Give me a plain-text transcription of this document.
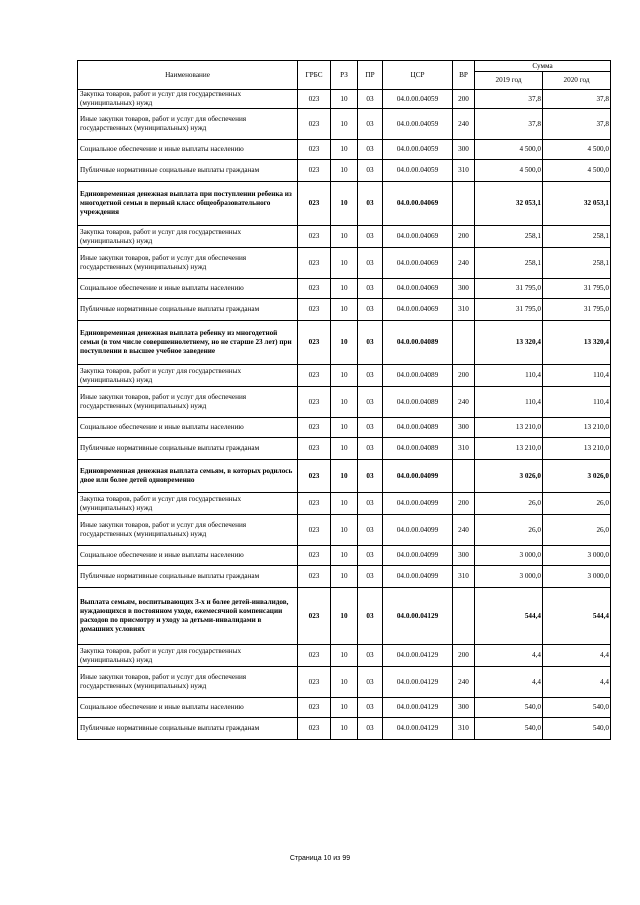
Наименование	ГРБС	РЗ	ПР	ЦСР	ВР	Сумма	
						2019 год	2020 год
Закупка товаров, работ и услуг для государственных (муниципальных) нужд	023	10	03	04.0.00.04059	200	37,8	37,8
Иные закупки товаров, работ и услуг для обеспечения государственных (муниципальных) нужд	023	10	03	04.0.00.04059	240	37,8	37,8
Социальное обеспечение и иные выплаты населению	023	10	03	04.0.00.04059	300	4 500,0	4 500,0
Публичные нормативные социальные выплаты гражданам	023	10	03	04.0.00.04059	310	4 500,0	4 500,0
Единовременная денежная выплата при поступлении ребенка из многодетной семьи в первый класс общеобразовательного учреждения	023	10	03	04.0.00.04069		32 053,1	32 053,1
Закупка товаров, работ и услуг для государственных (муниципальных) нужд	023	10	03	04.0.00.04069	200	258,1	258,1
Иные закупки товаров, работ и услуг для обеспечения государственных (муниципальных) нужд	023	10	03	04.0.00.04069	240	258,1	258,1
Социальное обеспечение и иные выплаты населению	023	10	03	04.0.00.04069	300	31 795,0	31 795,0
Публичные нормативные социальные выплаты гражданам	023	10	03	04.0.00.04069	310	31 795,0	31 795,0
Единовременная денежная выплата ребенку из многодетной семьи (в том числе совершеннолетнему, но не старше 23 лет) при поступлении в высшее учебное заведение	023	10	03	04.0.00.04089		13 320,4	13 320,4
Закупка товаров, работ и услуг для государственных (муниципальных) нужд	023	10	03	04.0.00.04089	200	110,4	110,4
Иные закупки товаров, работ и услуг для обеспечения государственных (муниципальных) нужд	023	10	03	04.0.00.04089	240	110,4	110,4
Социальное обеспечение и иные выплаты населению	023	10	03	04.0.00.04089	300	13 210,0	13 210,0
Публичные нормативные социальные выплаты гражданам	023	10	03	04.0.00.04089	310	13 210,0	13 210,0
Единовременная денежная выплата семьям, в которых родилось двое или более детей одновременно	023	10	03	04.0.00.04099		3 026,0	3 026,0
Закупка товаров, работ и услуг для государственных (муниципальных) нужд	023	10	03	04.0.00.04099	200	26,0	26,0
Иные закупки товаров, работ и услуг для обеспечения государственных (муниципальных) нужд	023	10	03	04.0.00.04099	240	26,0	26,0
Социальное обеспечение и иные выплаты населению	023	10	03	04.0.00.04099	300	3 000,0	3 000,0
Публичные нормативные социальные выплаты гражданам	023	10	03	04.0.00.04099	310	3 000,0	3 000,0
Выплата семьям, воспитывающих 3-х и более детей-инвалидов, нуждающихся в постоянном уходе, ежемесячной компенсации расходов по присмотру и уходу за детьми-инвалидами в домашних условиях	023	10	03	04.0.00.04129		544,4	544,4
Закупка товаров, работ и услуг для государственных (муниципальных) нужд	023	10	03	04.0.00.04129	200	4,4	4,4
Иные закупки товаров, работ и услуг для обеспечения государственных (муниципальных) нужд	023	10	03	04.0.00.04129	240	4,4	4,4
Социальное обеспечение и иные выплаты населению	023	10	03	04.0.00.04129	300	540,0	540,0
Публичные нормативные социальные выплаты гражданам	023	10	03	04.0.00.04129	310	540,0	540,0
Страница 10 из 99
